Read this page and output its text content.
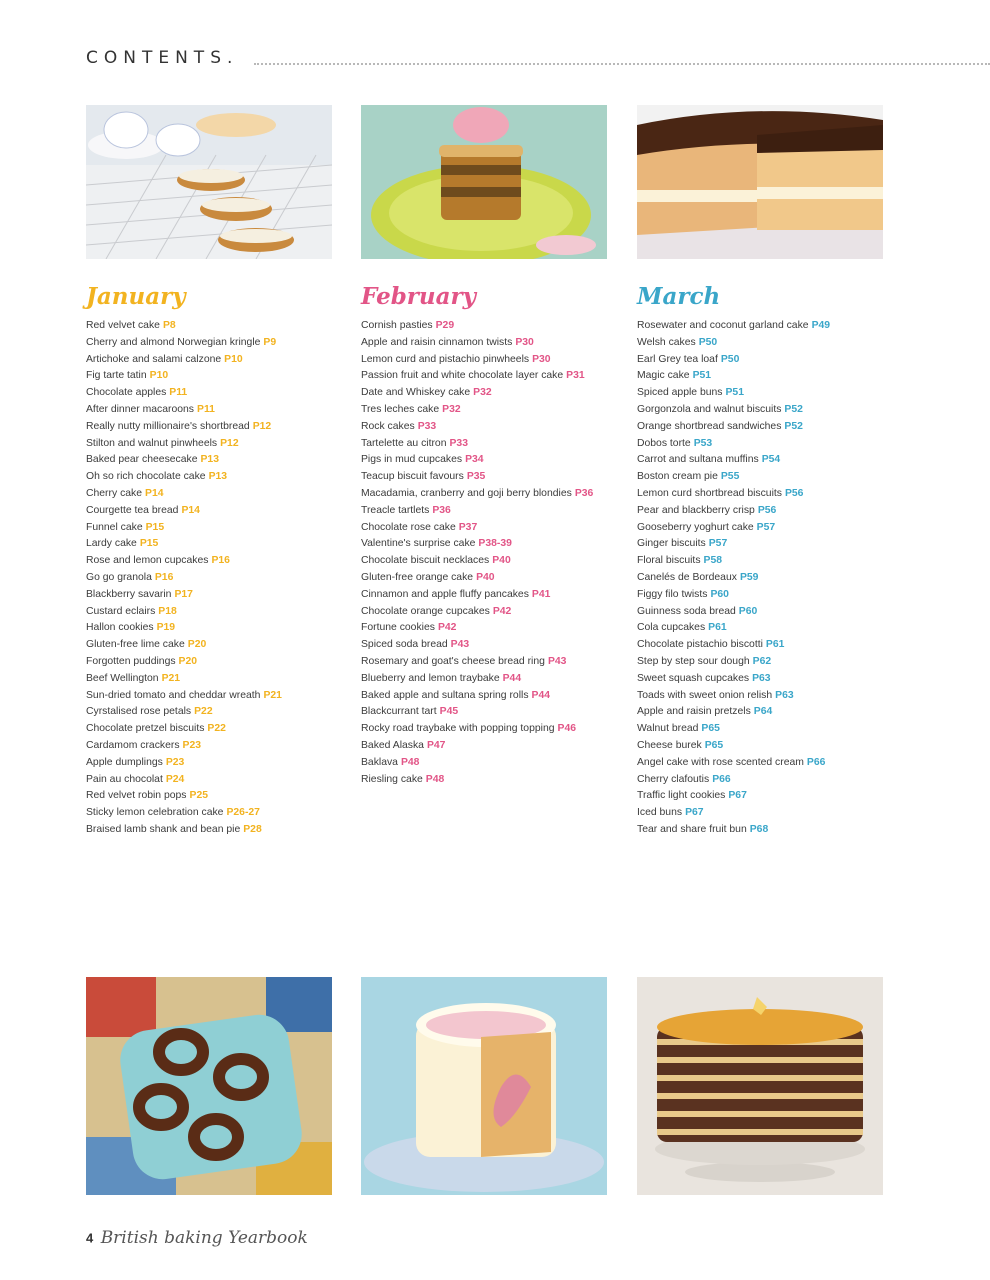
CONTENTS.
January
Red velvet cake P8
Cherry and almond Norwegian kringle P9
Artichoke and salami calzone P10
Fig tarte tatin P10
Chocolate apples P11
After dinner macaroons P11
Really nutty millionaire's shortbread P12
Stilton and walnut pinwheels P12
Baked pear cheesecake P13
Oh so rich chocolate cake P13
Cherry cake P14
Courgette tea bread P14
Funnel cake P15
Lardy cake P15
Rose and lemon cupcakes P16
Go go granola P16
Blackberry savarin P17
Custard eclairs P18
Hallon cookies P19
Gluten-free lime cake P20
Forgotten puddings P20
Beef Wellington P21
Sun-dried tomato and cheddar wreath P21
Cyrstalised rose petals P22
Chocolate pretzel biscuits P22
Cardamom crackers P23
Apple dumplings P23
Pain au chocolat P24
Red velvet robin pops P25
Sticky lemon celebration cake P26-27
Braised lamb shank and bean pie P28
February
Cornish pasties P29
Apple and raisin cinnamon twists P30
Lemon curd and pistachio pinwheels P30
Passion fruit and white chocolate layer cake P31
Date and Whiskey cake P32
Tres leches cake P32
Rock cakes P33
Tartelette au citron P33
Pigs in mud cupcakes P34
Teacup biscuit favours P35
Macadamia, cranberry and goji berry blondies P36
Treacle tartlets P36
Chocolate rose cake P37
Valentine's surprise cake P38-39
Chocolate biscuit necklaces P40
Gluten-free orange cake P40
Cinnamon and apple fluffy pancakes P41
Chocolate orange cupcakes P42
Fortune cookies P42
Spiced soda bread P43
Rosemary and goat's cheese bread ring P43
Blueberry and lemon traybake P44
Baked apple and sultana spring rolls P44
Blackcurrant tart P45
Rocky road traybake with popping topping P46
Baked Alaska P47
Baklava P48
Riesling cake P48
March
Rosewater and coconut garland cake P49
Welsh cakes P50
Earl Grey tea loaf P50
Magic cake P51
Spiced apple buns P51
Gorgonzola and walnut biscuits P52
Orange shortbread sandwiches P52
Dobos torte P53
Carrot and sultana muffins P54
Boston cream pie P55
Lemon curd shortbread biscuits P56
Pear and blackberry crisp P56
Gooseberry yoghurt cake P57
Ginger biscuits P57
Floral biscuits P58
Canelés de Bordeaux P59
Figgy filo twists P60
Guinness soda bread P60
Cola cupcakes P61
Chocolate pistachio biscotti P61
Step by step sour dough P62
Sweet squash cupcakes P63
Toads with sweet onion relish P63
Apple and raisin pretzels P64
Walnut bread P65
Cheese burek P65
Angel cake with rose scented cream P66
Cherry clafoutis P66
Traffic light cookies P67
Iced buns P67
Tear and share fruit bun P68
4 British baking Yearbook
